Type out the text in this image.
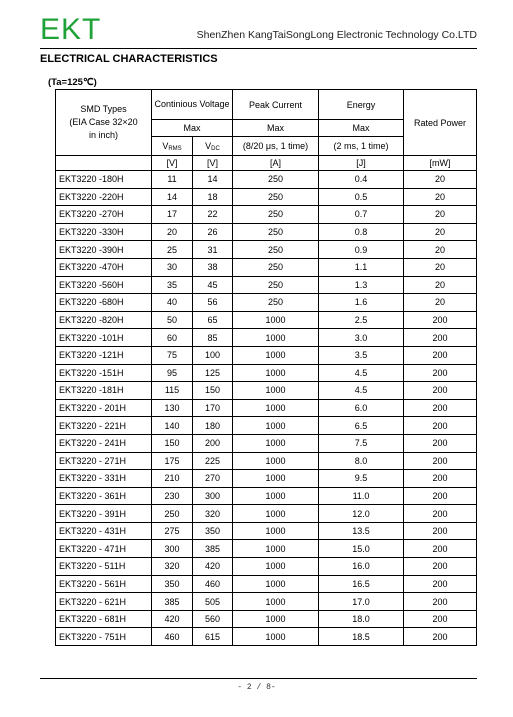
EKT	ShenZhen KangTaiSongLong Electronic Technology Co.LTD
ELECTRICAL CHARACTERISTICS
(Ta=125℃)
SMD Types
(EIA Case 32×20
in inch)	Continious Voltage		Peak Current	Energy	Rated Power
	Max		Max	Max	
	$V_{RMS}$	$V_{DC}$	(8/20 μs, 1 time)	(2 ms, 1 time)	
	[V]	[V]	[A]	[J]	[mW]
EKT3220 -180H	11	14	250	0.4	20
EKT3220 -220H	14	18	250	0.5	20
EKT3220 -270H	17	22	250	0.7	20
EKT3220 -330H	20	26	250	0.8	20
EKT3220 -390H	25	31	250	0.9	20
EKT3220 -470H	30	38	250	1.1	20
EKT3220 -560H	35	45	250	1.3	20
EKT3220 -680H	40	56	250	1.6	20
EKT3220 -820H	50	65	1000	2.5	200
EKT3220 -101H	60	85	1000	3.0	200
EKT3220 -121H	75	100	1000	3.5	200
EKT3220 -151H	95	125	1000	4.5	200
EKT3220 -181H	115	150	1000	4.5	200
EKT3220 - 201H	130	170	1000	6.0	200
EKT3220 - 221H	140	180	1000	6.5	200
EKT3220 - 241H	150	200	1000	7.5	200
EKT3220 - 271H	175	225	1000	8.0	200
EKT3220 - 331H	210	270	1000	9.5	200
EKT3220 - 361H	230	300	1000	11.0	200
EKT3220 - 391H	250	320	1000	12.0	200
EKT3220 - 431H	275	350	1000	13.5	200
EKT3220 - 471H	300	385	1000	15.0	200
EKT3220 - 511H	320	420	1000	16.0	200
EKT3220 - 561H	350	460	1000	16.5	200
EKT3220 - 621H	385	505	1000	17.0	200
EKT3220 - 681H	420	560	1000	18.0	200
EKT3220 - 751H	460	615	1000	18.5	200
- 2 / 8-
